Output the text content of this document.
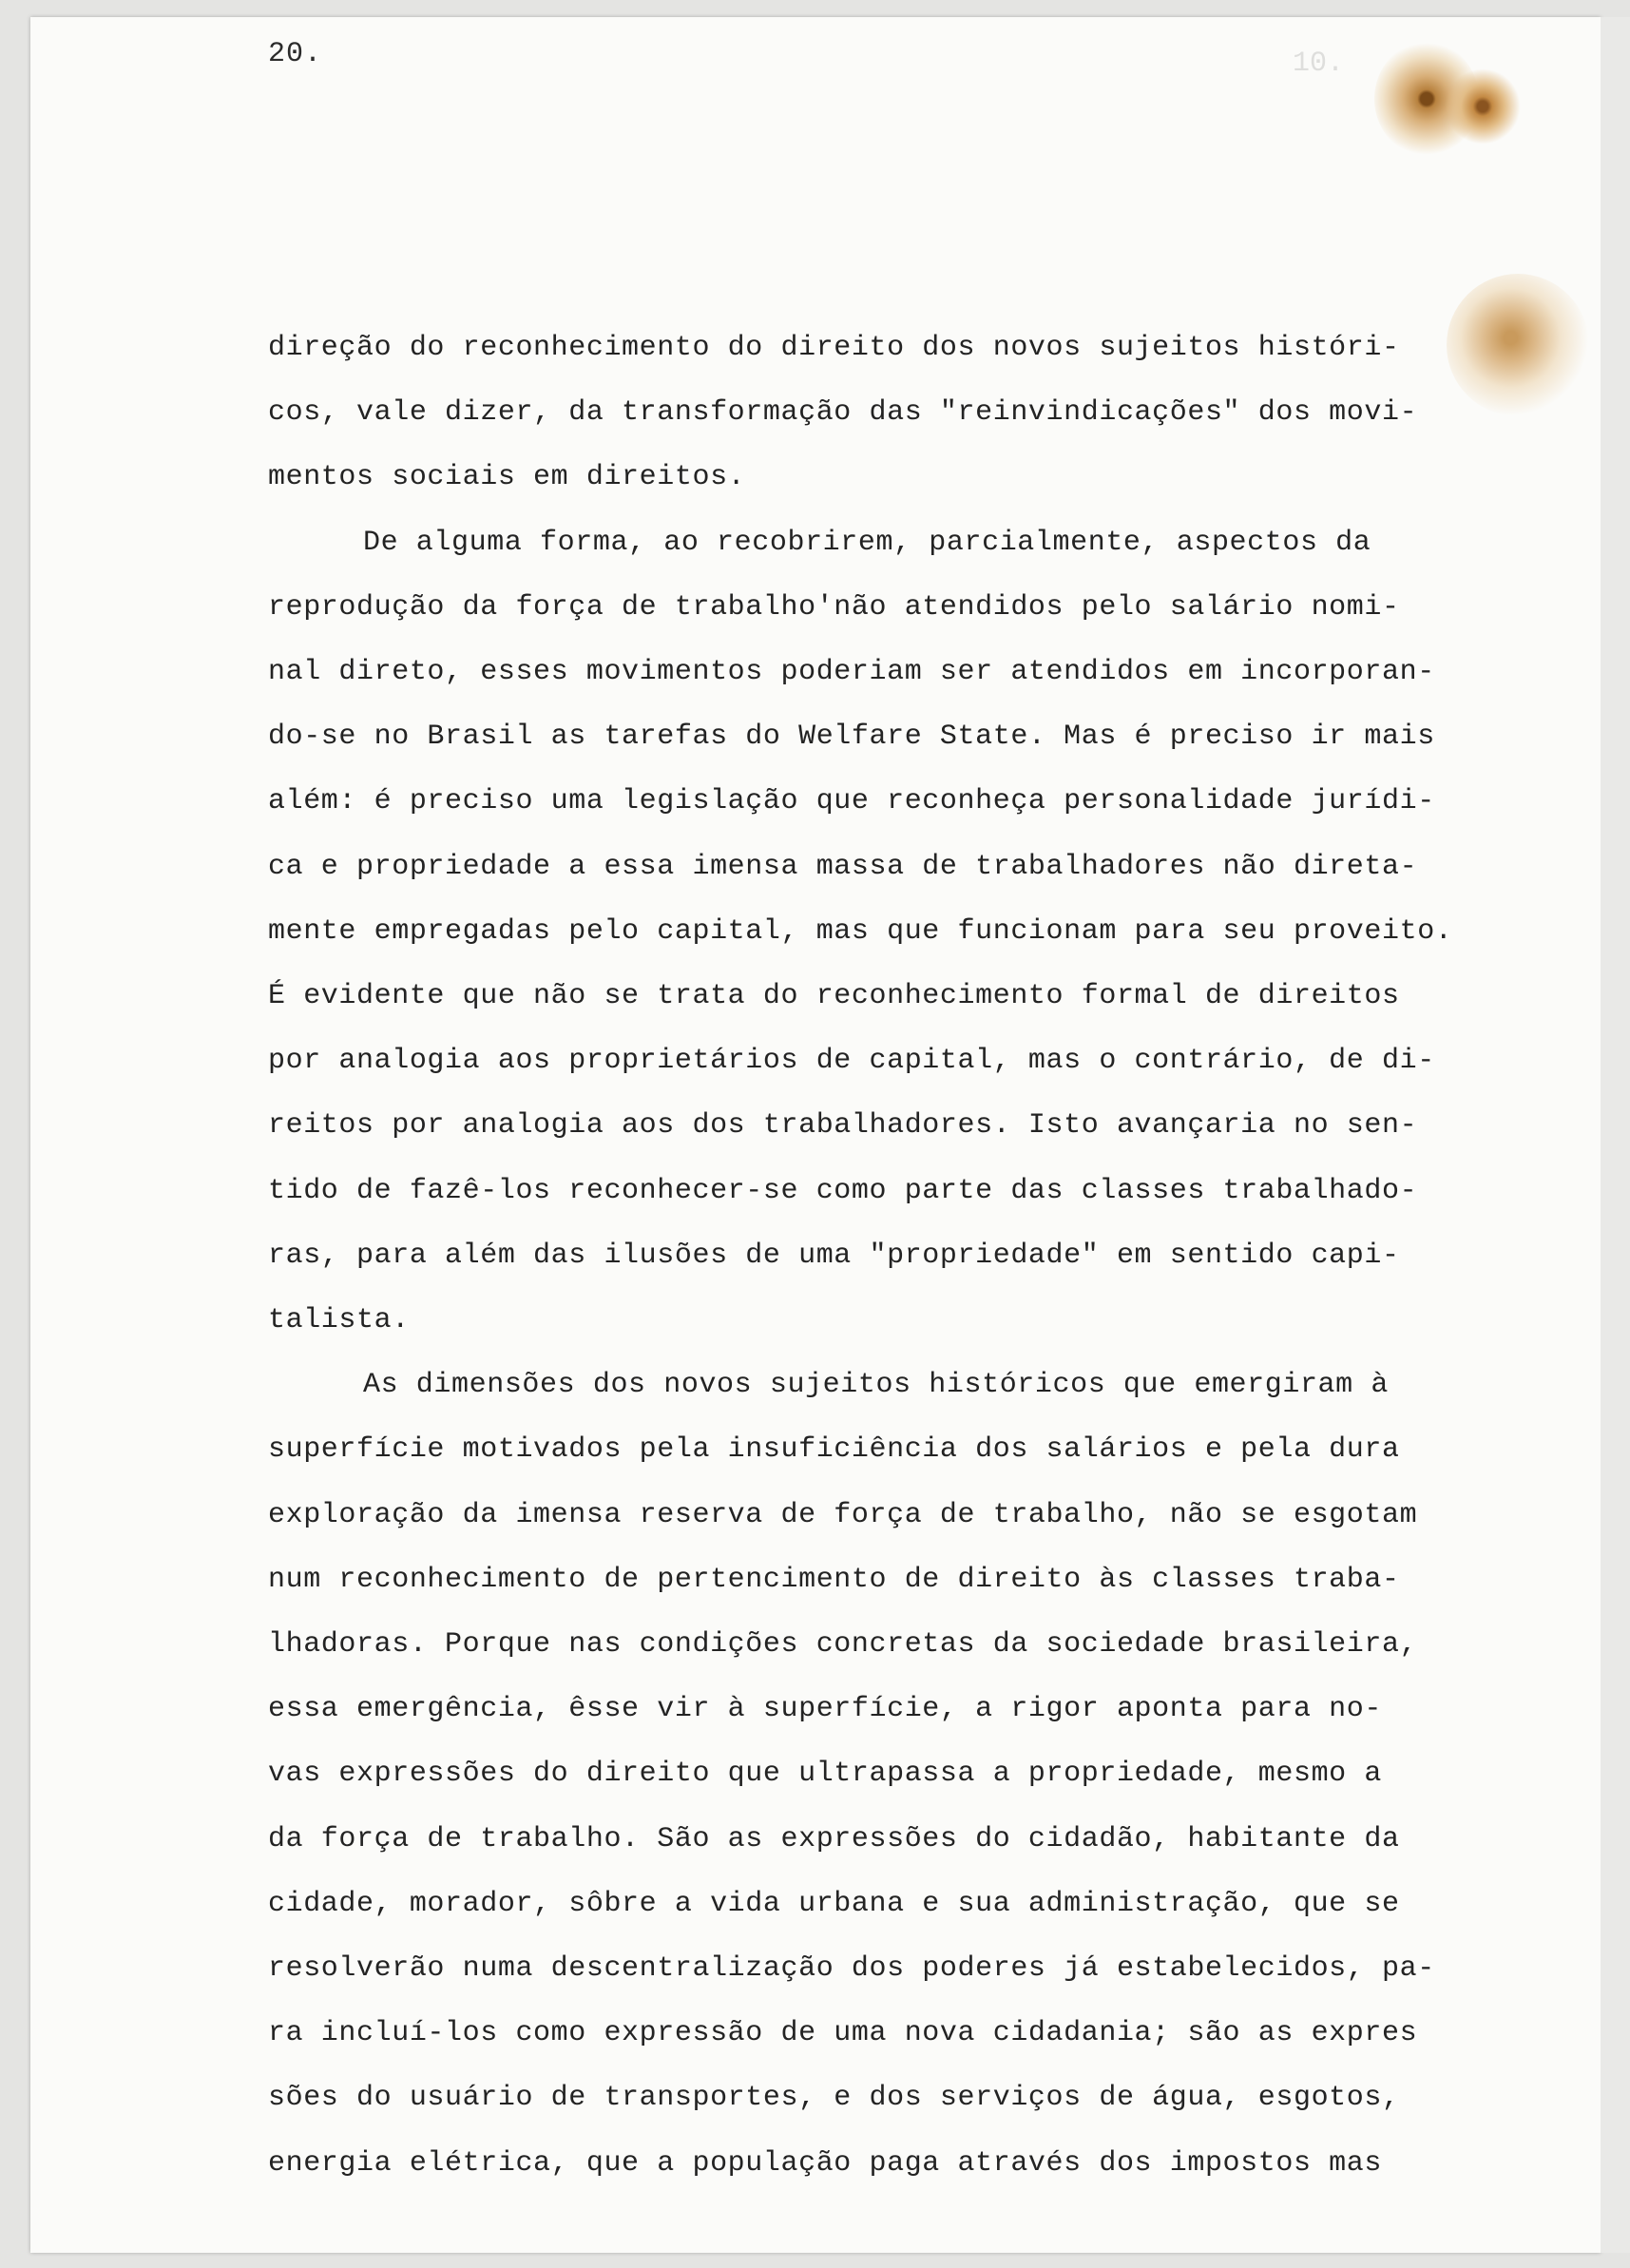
10.
20.
direção do reconhecimento do direito dos novos sujeitos históri-
cos, vale dizer, da transformação das "reinvindicações" dos movi-
mentos sociais em direitos.
De alguma forma, ao recobrirem, parcialmente, aspectos da
reprodução da força de trabalho'não atendidos pelo salário nomi-
nal direto, esses movimentos poderiam ser atendidos em incorporan-
do-se no Brasil as tarefas do Welfare State. Mas é preciso ir mais
além: é preciso uma legislação que reconheça personalidade jurídi-
ca e propriedade a essa imensa massa de trabalhadores não direta-
mente empregadas pelo capital, mas que funcionam para seu proveito.
É evidente que não se trata do reconhecimento formal de direitos
por analogia aos proprietários de capital, mas o contrário, de di-
reitos por analogia aos dos trabalhadores. Isto avançaria no sen-
tido de fazê-los reconhecer-se como parte das classes trabalhado-
ras, para além das ilusões de uma "propriedade" em sentido capi-
talista.
As dimensões dos novos sujeitos históricos que emergiram à
superfície motivados pela insuficiência dos salários e pela dura
exploração da imensa reserva de força de trabalho, não se esgotam
num reconhecimento de pertencimento de direito às classes traba-
lhadoras. Porque nas condições concretas da sociedade brasileira,
essa emergência, êsse vir à superfície, a rigor aponta para no-
vas expressões do direito que ultrapassa a propriedade, mesmo a
da força de trabalho. São as expressões do cidadão, habitante da
cidade, morador, sôbre a vida urbana e sua administração, que se
resolverão numa descentralização dos poderes já estabelecidos, pa-
ra incluí-los como expressão de uma nova cidadania; são as expres
sões do usuário de transportes, e dos serviços de água, esgotos,
energia elétrica, que a população paga através dos impostos mas
